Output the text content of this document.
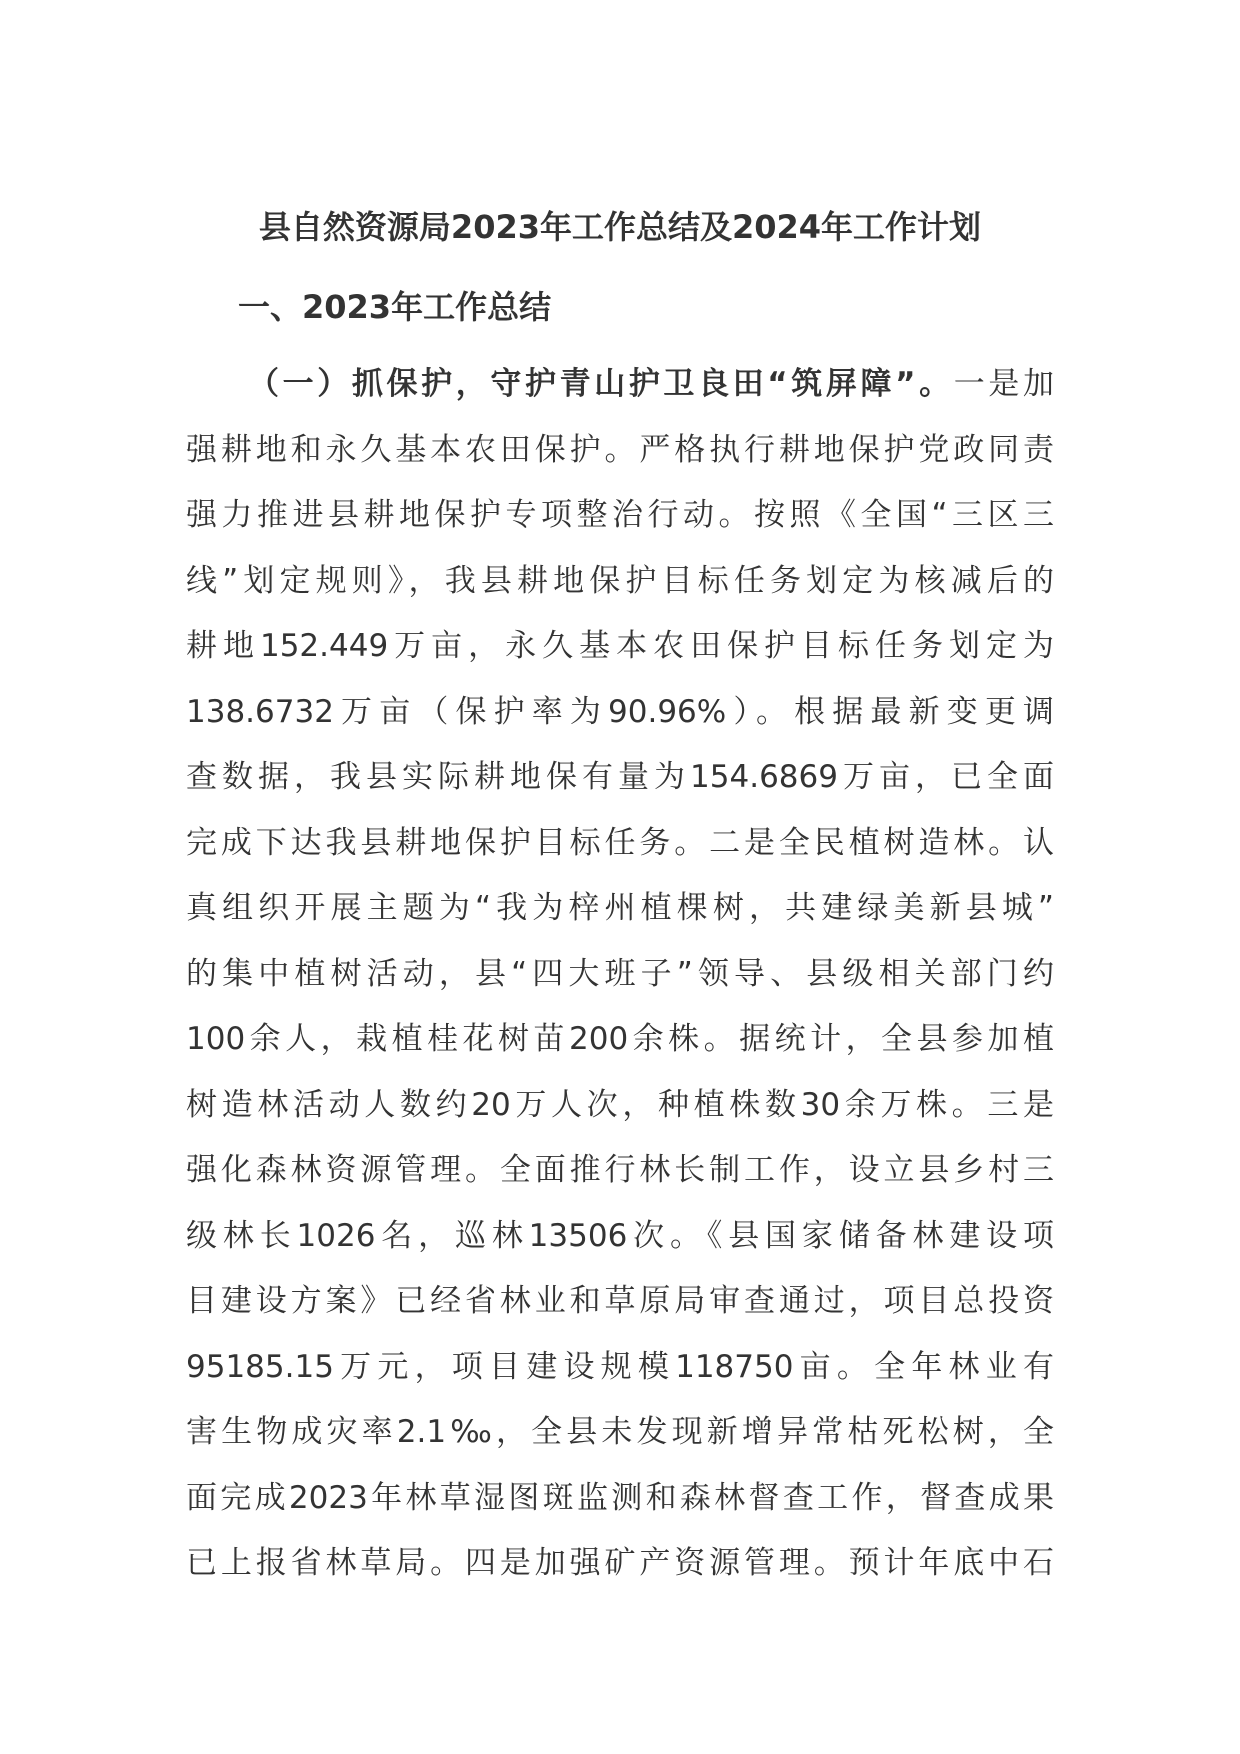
县自然资源局2023年工作总结及2024年工作计划
一、2023年工作总结
（一）抓保护，守护青山护卫良田“筑屏障”。一是加
强耕地和永久基本农田保护。严格执行耕地保护党政同责
强力推进县耕地保护专项整治行动。按照《全国“三区三
线”划定规则》，我县耕地保护目标任务划定为核减后的
耕地152.449万亩，永久基本农田保护目标任务划定为
138.6732万亩（保护率为90.96%）。根据最新变更调
查数据，我县实际耕地保有量为154.6869万亩，已全面
完成下达我县耕地保护目标任务。二是全民植树造林。认
真组织开展主题为“我为梓州植棵树，共建绿美新县城”
的集中植树活动，县“四大班子”领导、县级相关部门约
100余人，栽植桂花树苗200余株。据统计，全县参加植
树造林活动人数约20万人次，种植株数30余万株。三是
强化森林资源管理。全面推行林长制工作，设立县乡村三
级林长1026名，巡林13506次。《县国家储备林建设项
目建设方案》已经省林业和草原局审查通过，项目总投资
95185.15万元，项目建设规模118750亩。全年林业有
害生物成灾率2.1‰，全县未发现新增异常枯死松树，全
面完成2023年林草湿图斑监测和森林督查工作，督查成果
已上报省林草局。四是加强矿产资源管理。预计年底中石
